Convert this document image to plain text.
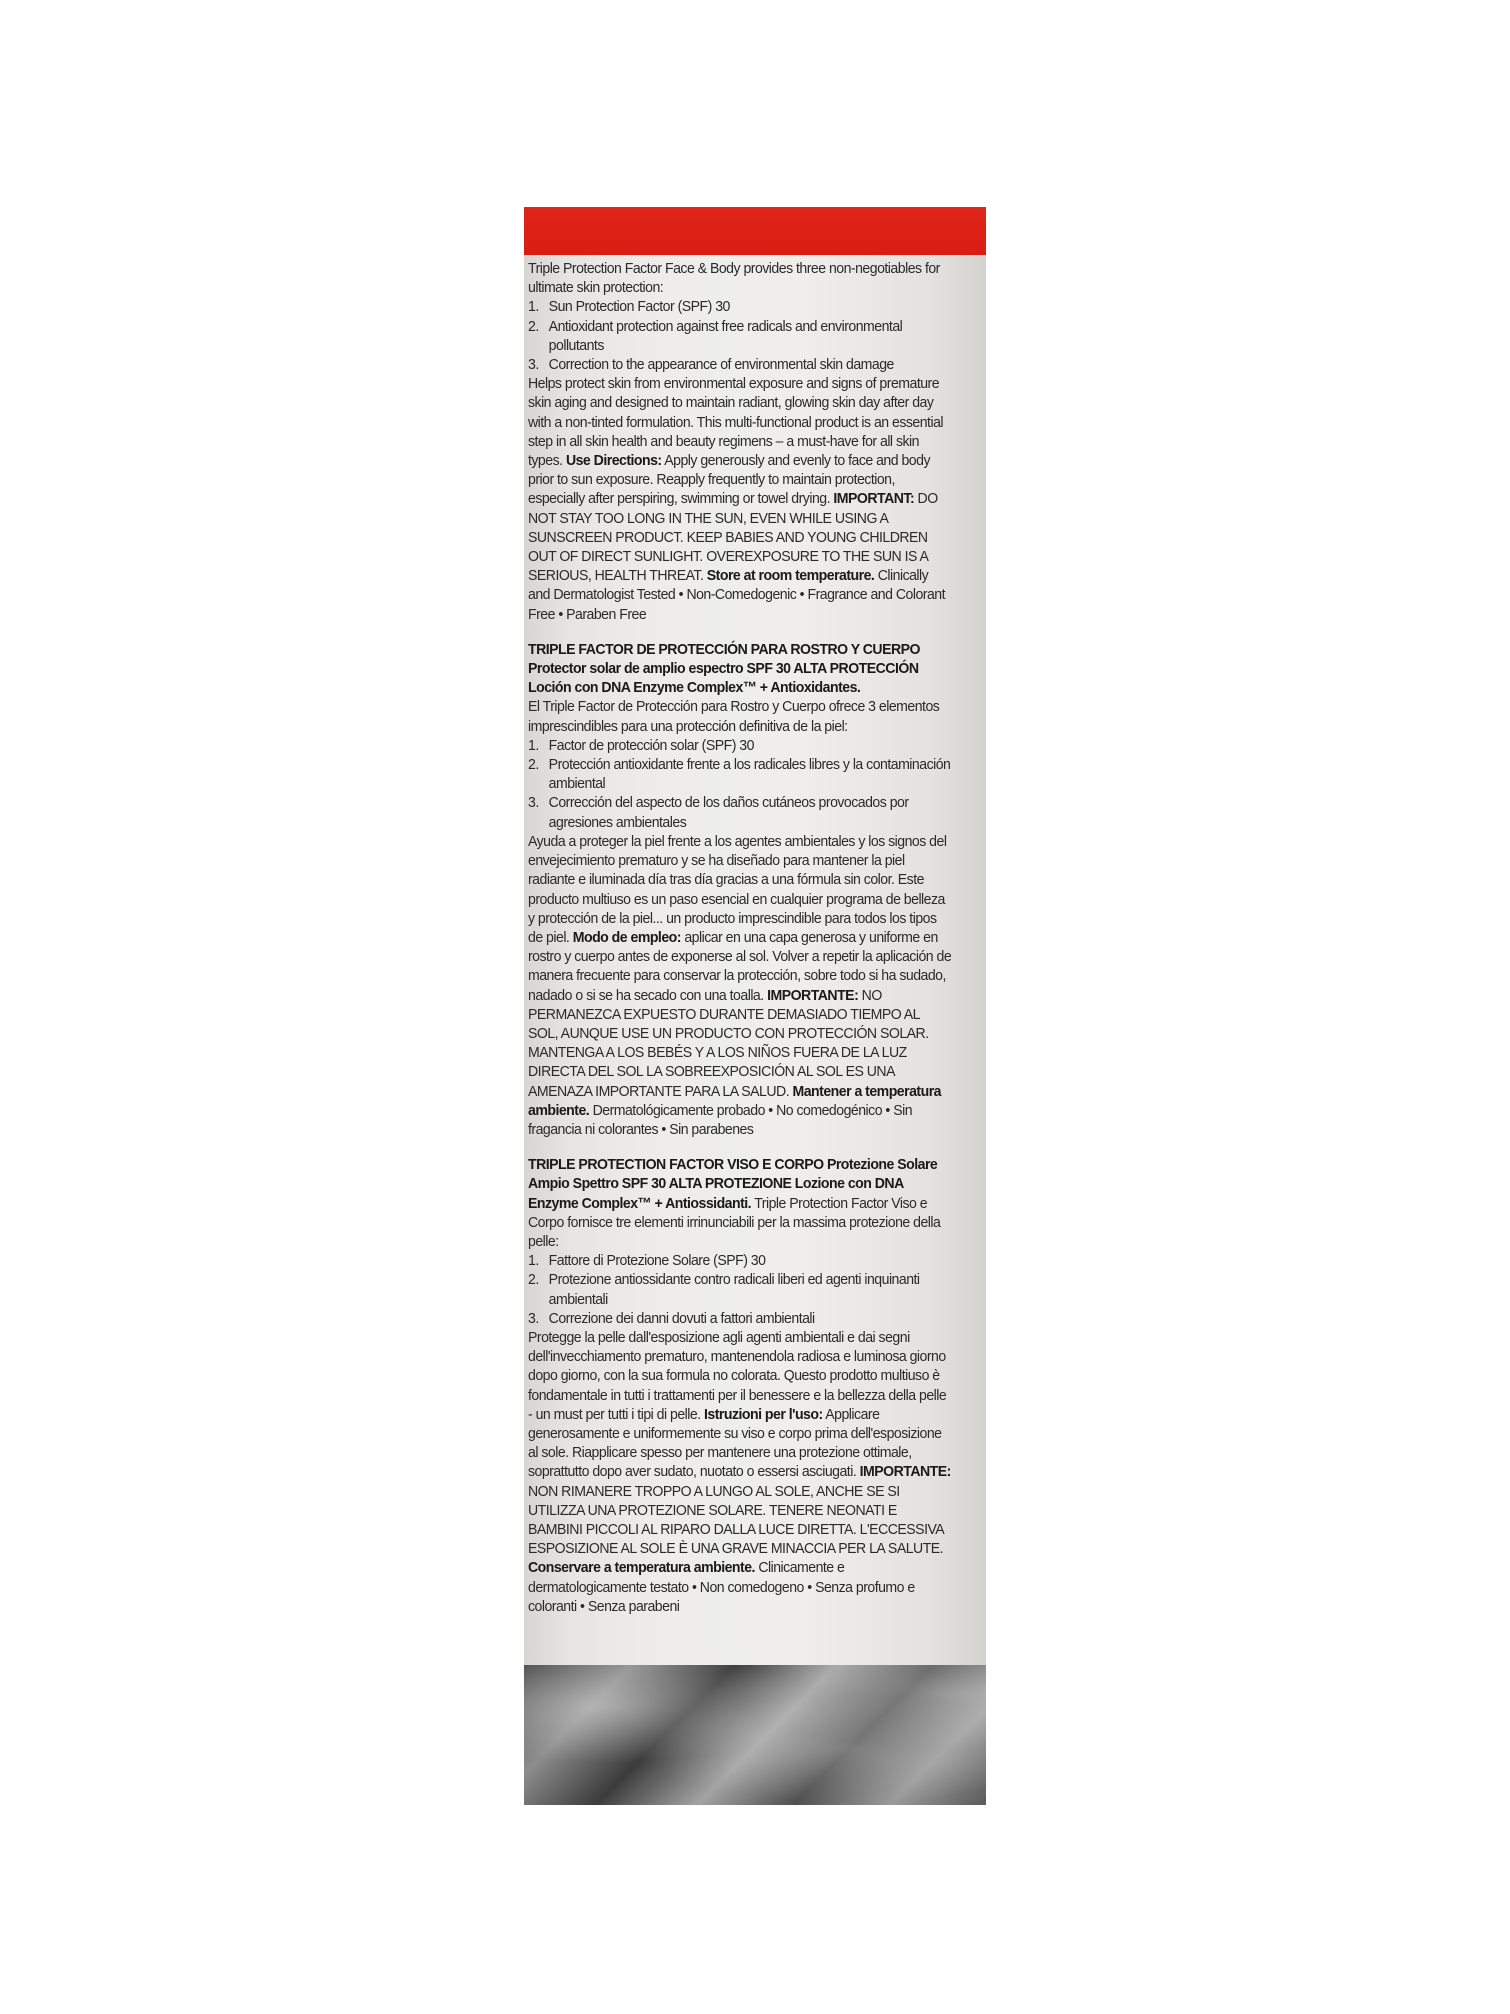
Triple Protection Factor Face & Body provides three non-negotiables for ultimate skin protection:

1. Sun Protection Factor (SPF) 30
2. Antioxidant protection against free radicals and environmental pollutants
3. Correction to the appearance of environmental skin damage

Helps protect skin from environmental exposure and signs of premature skin aging and designed to maintain radiant, glowing skin day after day with a non-tinted formulation. This multi-functional product is an essential step in all skin health and beauty regimens – a must-have for all skin types. Use Directions: Apply generously and evenly to face and body prior to sun exposure. Reapply frequently to maintain protection, especially after perspiring, swimming or towel drying. IMPORTANT: DO NOT STAY TOO LONG IN THE SUN, EVEN WHILE USING A SUNSCREEN PRODUCT. KEEP BABIES AND YOUNG CHILDREN OUT OF DIRECT SUNLIGHT. OVEREXPOSURE TO THE SUN IS A SERIOUS, HEALTH THREAT. Store at room temperature. Clinically and Dermatologist Tested • Non-Comedogenic • Fragrance and Colorant Free • Paraben Free

TRIPLE FACTOR DE PROTECCIÓN PARA ROSTRO Y CUERPO Protector solar de amplio espectro SPF 30 ALTA PROTECCIÓN Loción con DNA Enzyme Complex™ + Antioxidantes.

El Triple Factor de Protección para Rostro y Cuerpo ofrece 3 elementos imprescindibles para una protección definitiva de la piel:

1. Factor de protección solar (SPF) 30
2. Protección antioxidante frente a los radicales libres y la contaminación ambiental
3. Corrección del aspecto de los daños cutáneos provocados por agresiones ambientales

Ayuda a proteger la piel frente a los agentes ambientales y los signos del envejecimiento prematuro y se ha diseñado para mantener la piel radiante e iluminada día tras día gracias a una fórmula sin color. Este producto multiuso es un paso esencial en cualquier programa de belleza y protección de la piel... un producto imprescindible para todos los tipos de piel. Modo de empleo: aplicar en una capa generosa y uniforme en rostro y cuerpo antes de exponerse al sol. Volver a repetir la aplicación de manera frecuente para conservar la protección, sobre todo si ha sudado, nadado o si se ha secado con una toalla. IMPORTANTE: NO PERMANEZCA EXPUESTO DURANTE DEMASIADO TIEMPO AL SOL, AUNQUE USE UN PRODUCTO CON PROTECCIÓN SOLAR. MANTENGA A LOS BEBÉS Y A LOS NIÑOS FUERA DE LA LUZ DIRECTA DEL SOL LA SOBREEXPOSICIÓN AL SOL ES UNA AMENAZA IMPORTANTE PARA LA SALUD. Mantener a temperatura ambiente. Dermatológicamente probado • No comedogénico • Sin fragancia ni colorantes • Sin parabenes

TRIPLE PROTECTION FACTOR VISO E CORPO Protezione Solare Ampio Spettro SPF 30 ALTA PROTEZIONE Lozione con DNA Enzyme Complex™ + Antiossidanti. Triple Protection Factor Viso e Corpo fornisce tre elementi irrinunciabili per la massima protezione della pelle:

1. Fattore di Protezione Solare (SPF) 30
2. Protezione antiossidante contro radicali liberi ed agenti inquinanti ambientali
3. Correzione dei danni dovuti a fattori ambientali

Protegge la pelle dall'esposizione agli agenti ambientali e dai segni dell'invecchiamento prematuro, mantenendola radiosa e luminosa giorno dopo giorno, con la sua formula no colorata. Questo prodotto multiuso è fondamentale in tutti i trattamenti per il benessere e la bellezza della pelle - un must per tutti i tipi di pelle. Istruzioni per l'uso: Applicare generosamente e uniformemente su viso e corpo prima dell'esposizione al sole. Riapplicare spesso per mantenere una protezione ottimale, soprattutto dopo aver sudato, nuotato o essersi asciugati. IMPORTANTE: NON RIMANERE TROPPO A LUNGO AL SOLE, ANCHE SE SI UTILIZZA UNA PROTEZIONE SOLARE. TENERE NEONATI E BAMBINI PICCOLI AL RIPARO DALLA LUCE DIRETTA. L'ECCESSIVA ESPOSIZIONE AL SOLE È UNA GRAVE MINACCIA PER LA SALUTE. Conservare a temperatura ambiente. Clinicamente e dermatologicamente testato • Non comedogeno • Senza profumo e coloranti • Senza parabeni
